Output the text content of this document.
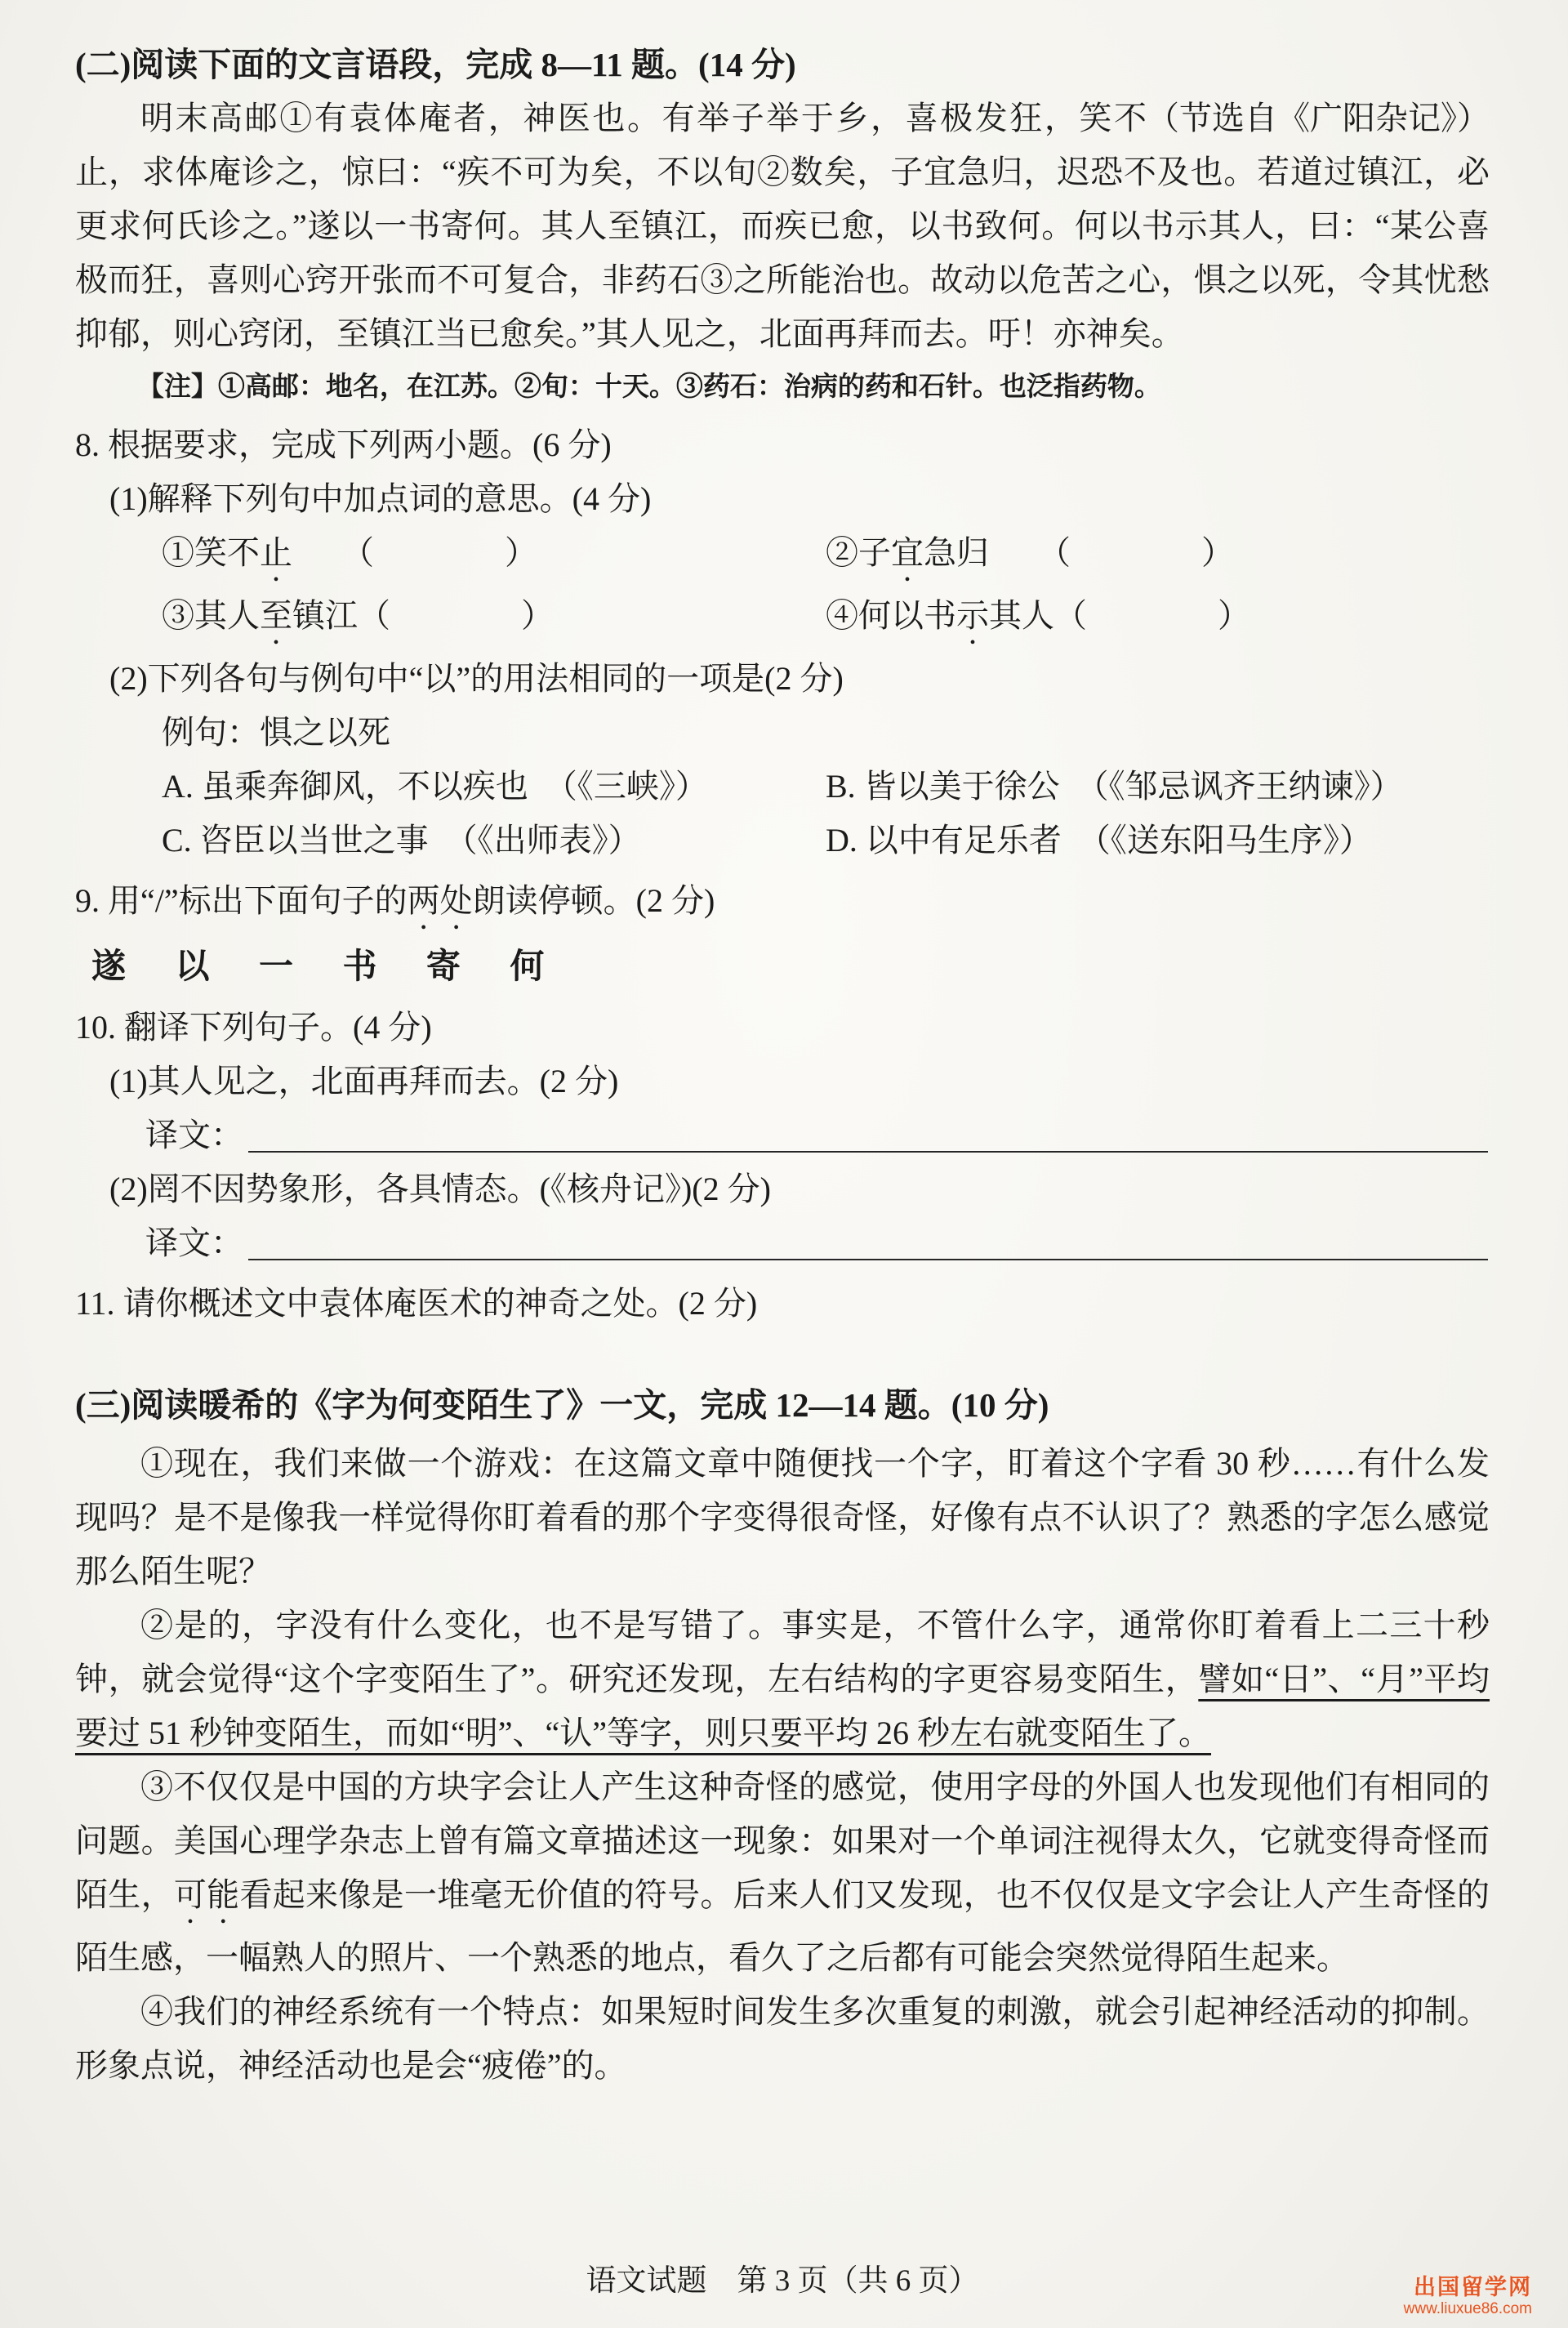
(二)阅读下面的文言语段，完成 8—11 题。(14 分)

（节选自《广阳杂记》）
明末高邮①有袁体庵者，神医也。有举子举于乡，喜极发狂，笑不止，求体庵诊之，惊曰：“疾不可为矣，不以旬②数矣，子宜急归，迟恐不及也。若道过镇江，必更求何氏诊之。”遂以一书寄何。其人至镇江，而疾已愈，以书致何。何以书示其人，曰：“某公喜极而狂，喜则心窍开张而不可复合，非药石③之所能治也。故动以危苦之心，惧之以死，令其忧愁抑郁，则心窍闭，至镇江当已愈矣。”其人见之，北面再拜而去。吁！亦神矣。

【注】①高邮：地名，在江苏。②旬：十天。③药石：治病的药和石针。也泛指药物。

8. 根据要求，完成下列两小题。(6 分)
(1)解释下列句中加点词的意思。(4 分)
①笑不止　　（　　　　）	②子宜急归　　（　　　　）
③其人至镇江（　　　　）	④何以书示其人（　　　　）
(2)下列各句与例句中“以”的用法相同的一项是(2 分)
例句：惧之以死
A. 虽乘奔御风，不以疾也　（《三峡》）	B. 皆以美于徐公　（《邹忌讽齐王纳谏》）
C. 咨臣以当世之事　（《出师表》）	D. 以中有足乐者　（《送东阳马生序》）
9. 用“/”标出下面句子的两处朗读停顿。(2 分)
遂　以　一　书　寄　何
10. 翻译下列句子。(4 分)
(1)其人见之，北面再拜而去。(2 分)
译文：
(2)罔不因势象形，各具情态。(《核舟记》)(2 分)
译文：
11. 请你概述文中袁体庵医术的神奇之处。(2 分)
(三)阅读暖希的《字为何变陌生了》一文，完成 12—14 题。(10 分)

①现在，我们来做一个游戏：在这篇文章中随便找一个字，盯着这个字看 30 秒……有什么发现吗？是不是像我一样觉得你盯着看的那个字变得很奇怪，好像有点不认识了？熟悉的字怎么感觉那么陌生呢？

②是的，字没有什么变化，也不是写错了。事实是，不管什么字，通常你盯着看上二三十秒钟，就会觉得“这个字变陌生了”。研究还发现，左右结构的字更容易变陌生，譬如“日”、“月”平均要过 51 秒钟变陌生，而如“明”、“认”等字，则只要平均 26 秒左右就变陌生了。

③不仅仅是中国的方块字会让人产生这种奇怪的感觉，使用字母的外国人也发现他们有相同的问题。美国心理学杂志上曾有篇文章描述这一现象：如果对一个单词注视得太久，它就变得奇怪而陌生，可能看起来像是一堆毫无价值的符号。后来人们又发现，也不仅仅是文字会让人产生奇怪的陌生感，一幅熟人的照片、一个熟悉的地点，看久了之后都有可能会突然觉得陌生起来。

④我们的神经系统有一个特点：如果短时间发生多次重复的刺激，就会引起神经活动的抑制。形象点说，神经活动也是会“疲倦”的。

语文试题　第 3 页（共 6 页）	出国留学网
www.liuxue86.com
